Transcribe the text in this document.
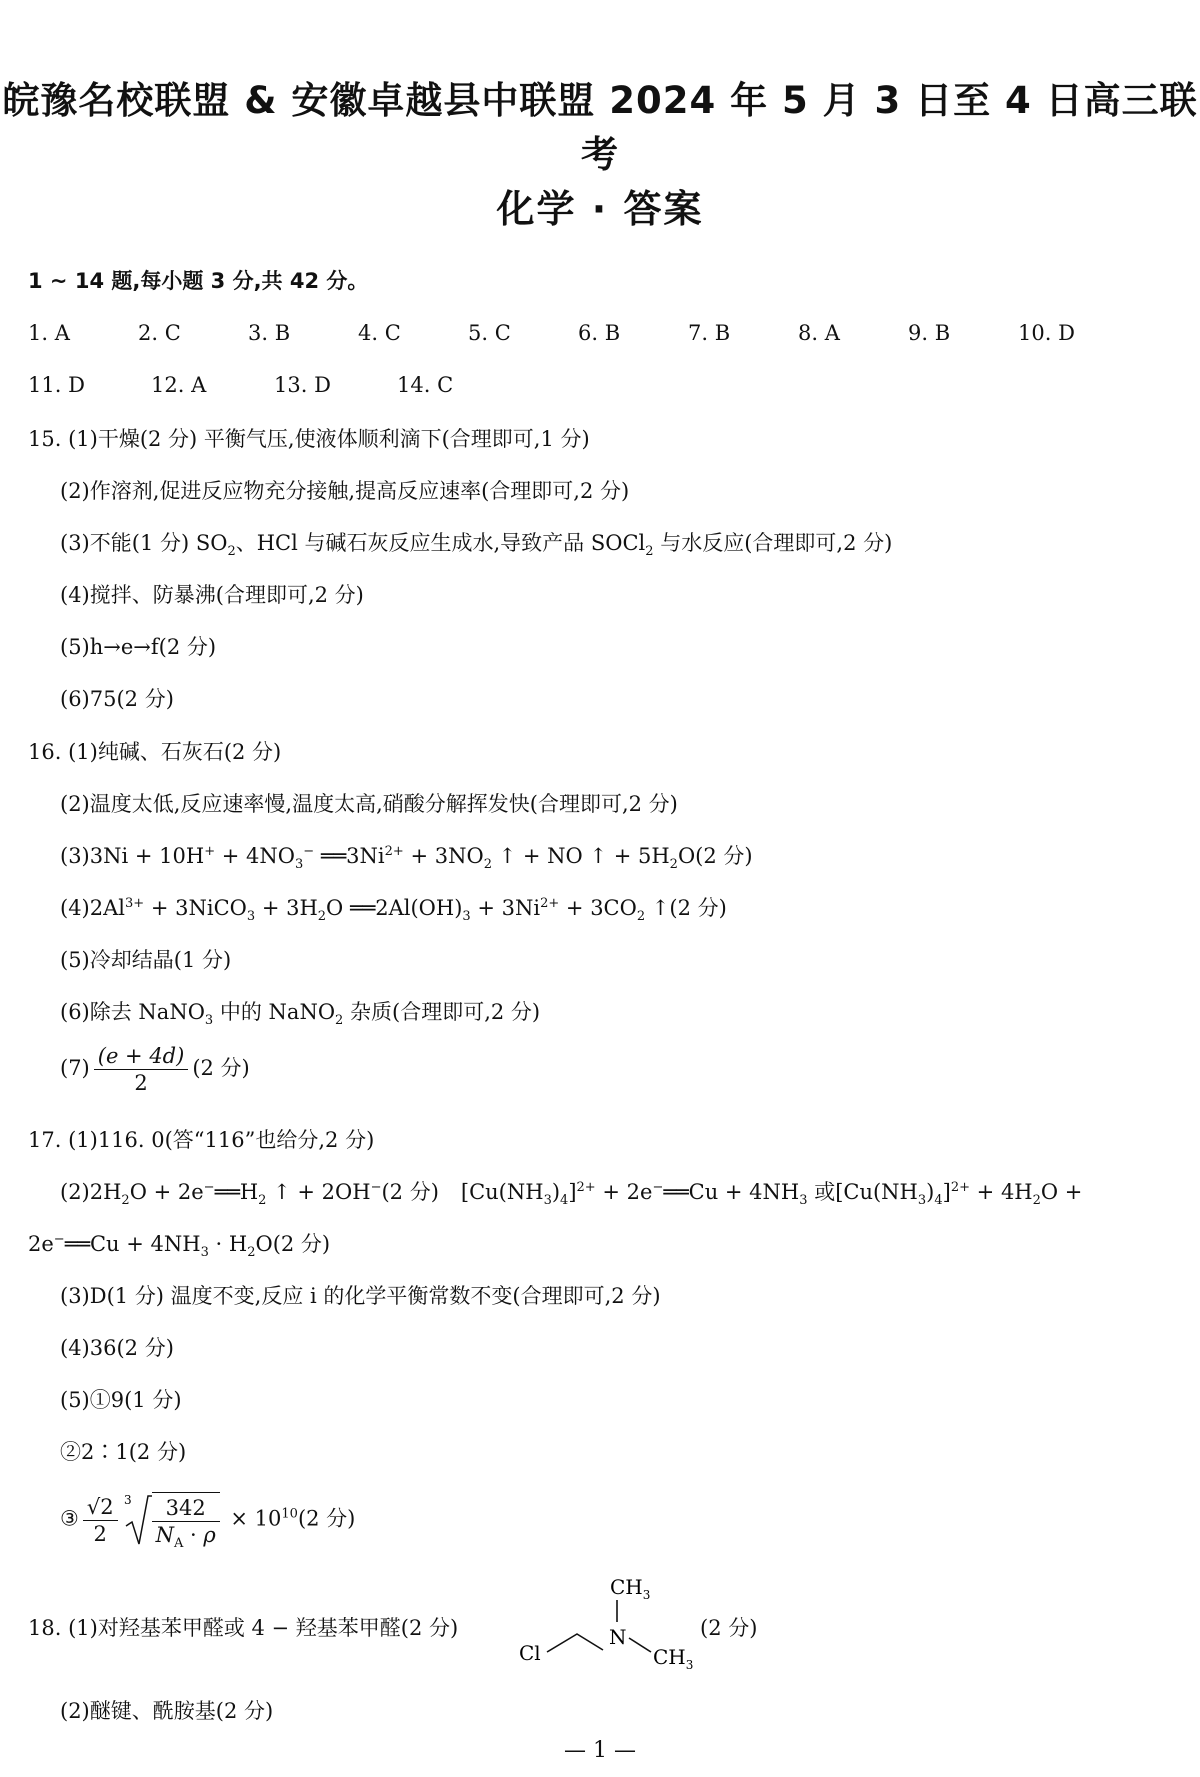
皖豫名校联盟 & 安徽卓越县中联盟 2024 年 5 月 3 日至 4 日高三联考
化学 · 答案
1 ~ 14 题,每小题 3 分,共 42 分。
1. A	2. C	3. B	4. C	5. C	6. B	7. B	8. A	9. B	10. D
11. D	12. A	13. D	14. C
15. (1)干燥(2 分) 平衡气压,使液体顺利滴下(合理即可,1 分)
(2)作溶剂,促进反应物充分接触,提高反应速率(合理即可,2 分)
(3)不能(1 分) $SO_2$、HCl 与碱石灰反应生成水,导致产品 SOCl$_2$ 与水反应(合理即可,2 分)
(4)搅拌、防暴沸(合理即可,2 分)
(5)h→e→f(2 分)
(6)75(2 分)
16. (1)纯碱、石灰石(2 分)
(2)温度太低,反应速率慢,温度太高,硝酸分解挥发快(合理即可,2 分)
$(3)3Ni + 10H^+ + 4NO_3^-$ $══3Ni^{2+} + 3NO_2$ ↑ + NO ↑ + $5H_2O(2$ 分)
$(4)2Al^{3+}$ + 3NiCO$_3$ + $3H_2O$ $══2Al(OH)_3 + 3Ni^{2+} + 3CO_2$ ↑(2 分)
(5)冷却结晶(1 分)
(6)除去 NaNO$_3$ 中的 NaNO$_2$ 杂质(合理即可,2 分)
$(7) \frac{(e + 4d)}{2} (2$ 分)
17. (1)116. 0(答“116”也给分,2 分)
$(2)2H_2O$ + $2e^-══H_2$ ↑ + 2OH−(2 分) $[Cu(NH_3)_4]^{2+}$ + 2e−══Cu + $4NH_3$ 或$[Cu(NH_3)_4]^{2+} + 4H_2O$ +
2e−══Cu + $4NH_3 \cdot H_2O(2$ 分)
(3)D(1 分) 温度不变,反应 ⅰ 的化学平衡常数不变(合理即可,2 分)
(4)36(2 分)
(5)①9(1 分)
②2∶1(2 分)
③ $\frac{√2}{2} 3 \frac{342}{N_A \cdot \rho} \times 10^{10}(2$ 分)
18. (1)对羟基苯甲醛或 4 − 羟基苯甲醛(2 分)
Cl
N
$CH_3$
$CH_3$
(2 分)
(2)醚键、酰胺基(2 分)
— 1 —
